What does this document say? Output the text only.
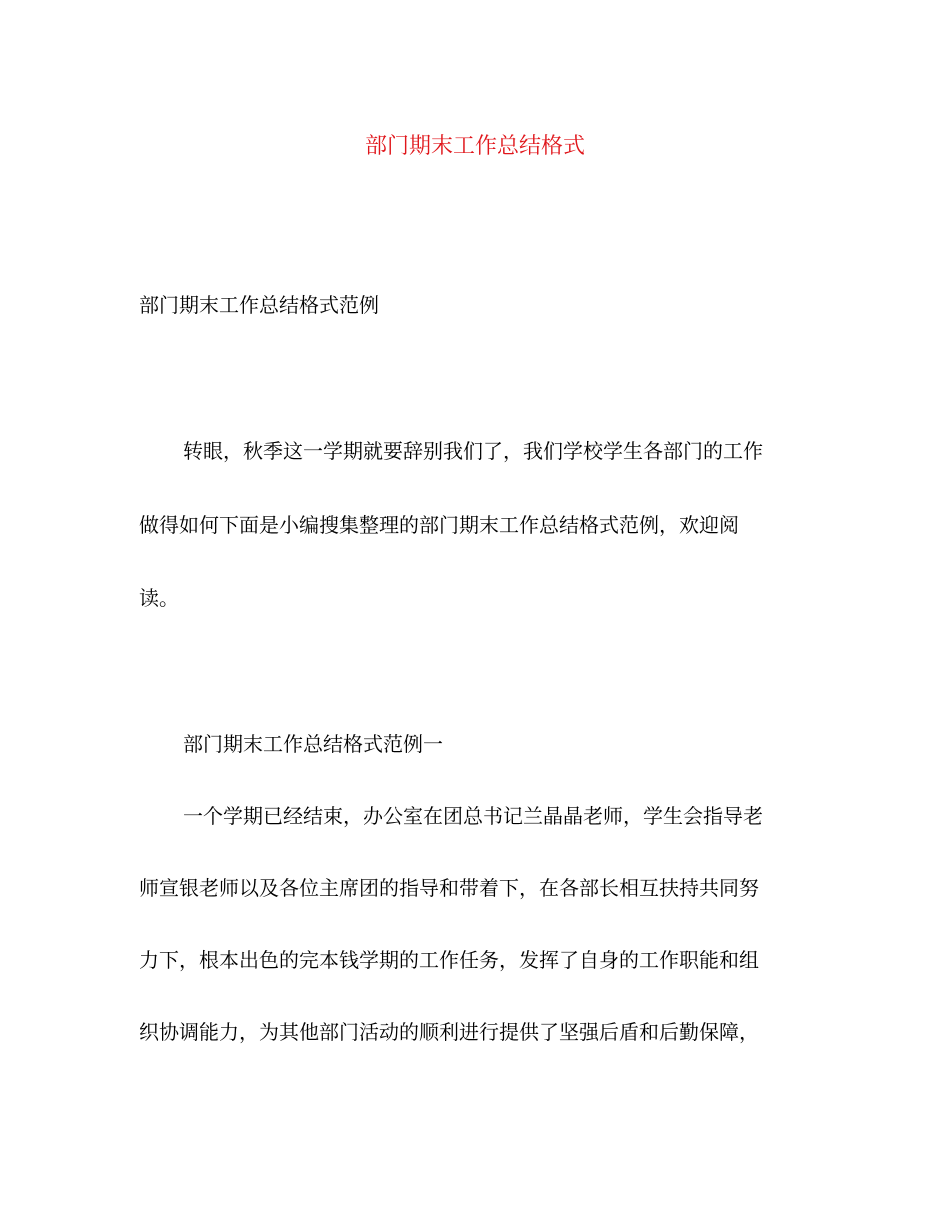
部门期末工作总结格式

部门期末工作总结格式范例

转眼，秋季这一学期就要辞别我们了，我们学校学生各部门的工作

做得如何下面是小编搜集整理的部门期末工作总结格式范例，欢迎阅

读。

部门期末工作总结格式范例一

一个学期已经结束，办公室在团总书记兰晶晶老师，学生会指导老

师宣银老师以及各位主席团的指导和带着下，在各部长相互扶持共同努

力下，根本出色的完本钱学期的工作任务，发挥了自身的工作职能和组

织协调能力，为其他部门活动的顺利进行提供了坚强后盾和后勤保障，
